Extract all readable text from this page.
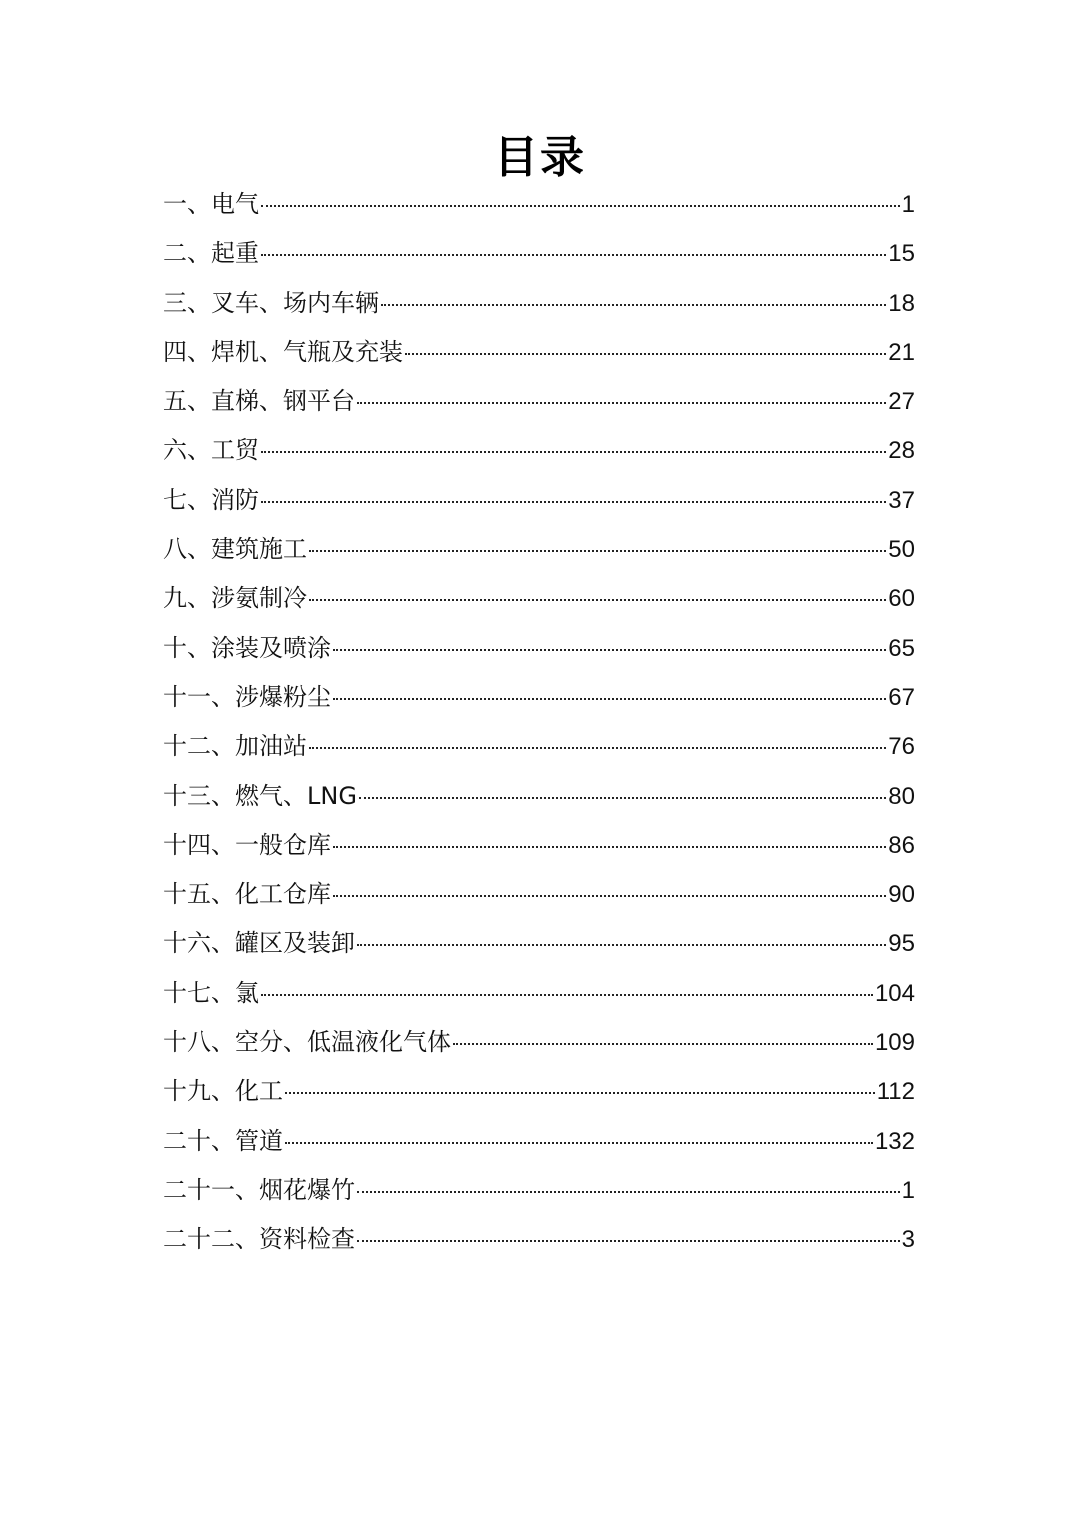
目录
一、电气	1
二、起重	15
三、叉车、场内车辆	18
四、焊机、气瓶及充装	21
五、直梯、钢平台	27
六、工贸	28
七、消防	37
八、建筑施工	50
九、涉氨制冷	60
十、涂装及喷涂	65
十一、涉爆粉尘	67
十二、加油站	76
十三、燃气、LNG	80
十四、一般仓库	86
十五、化工仓库	90
十六、罐区及装卸	95
十七、氯	104
十八、空分、低温液化气体	109
十九、化工	112
二十、管道	132
二十一、烟花爆竹	1
二十二、资料检查	3
